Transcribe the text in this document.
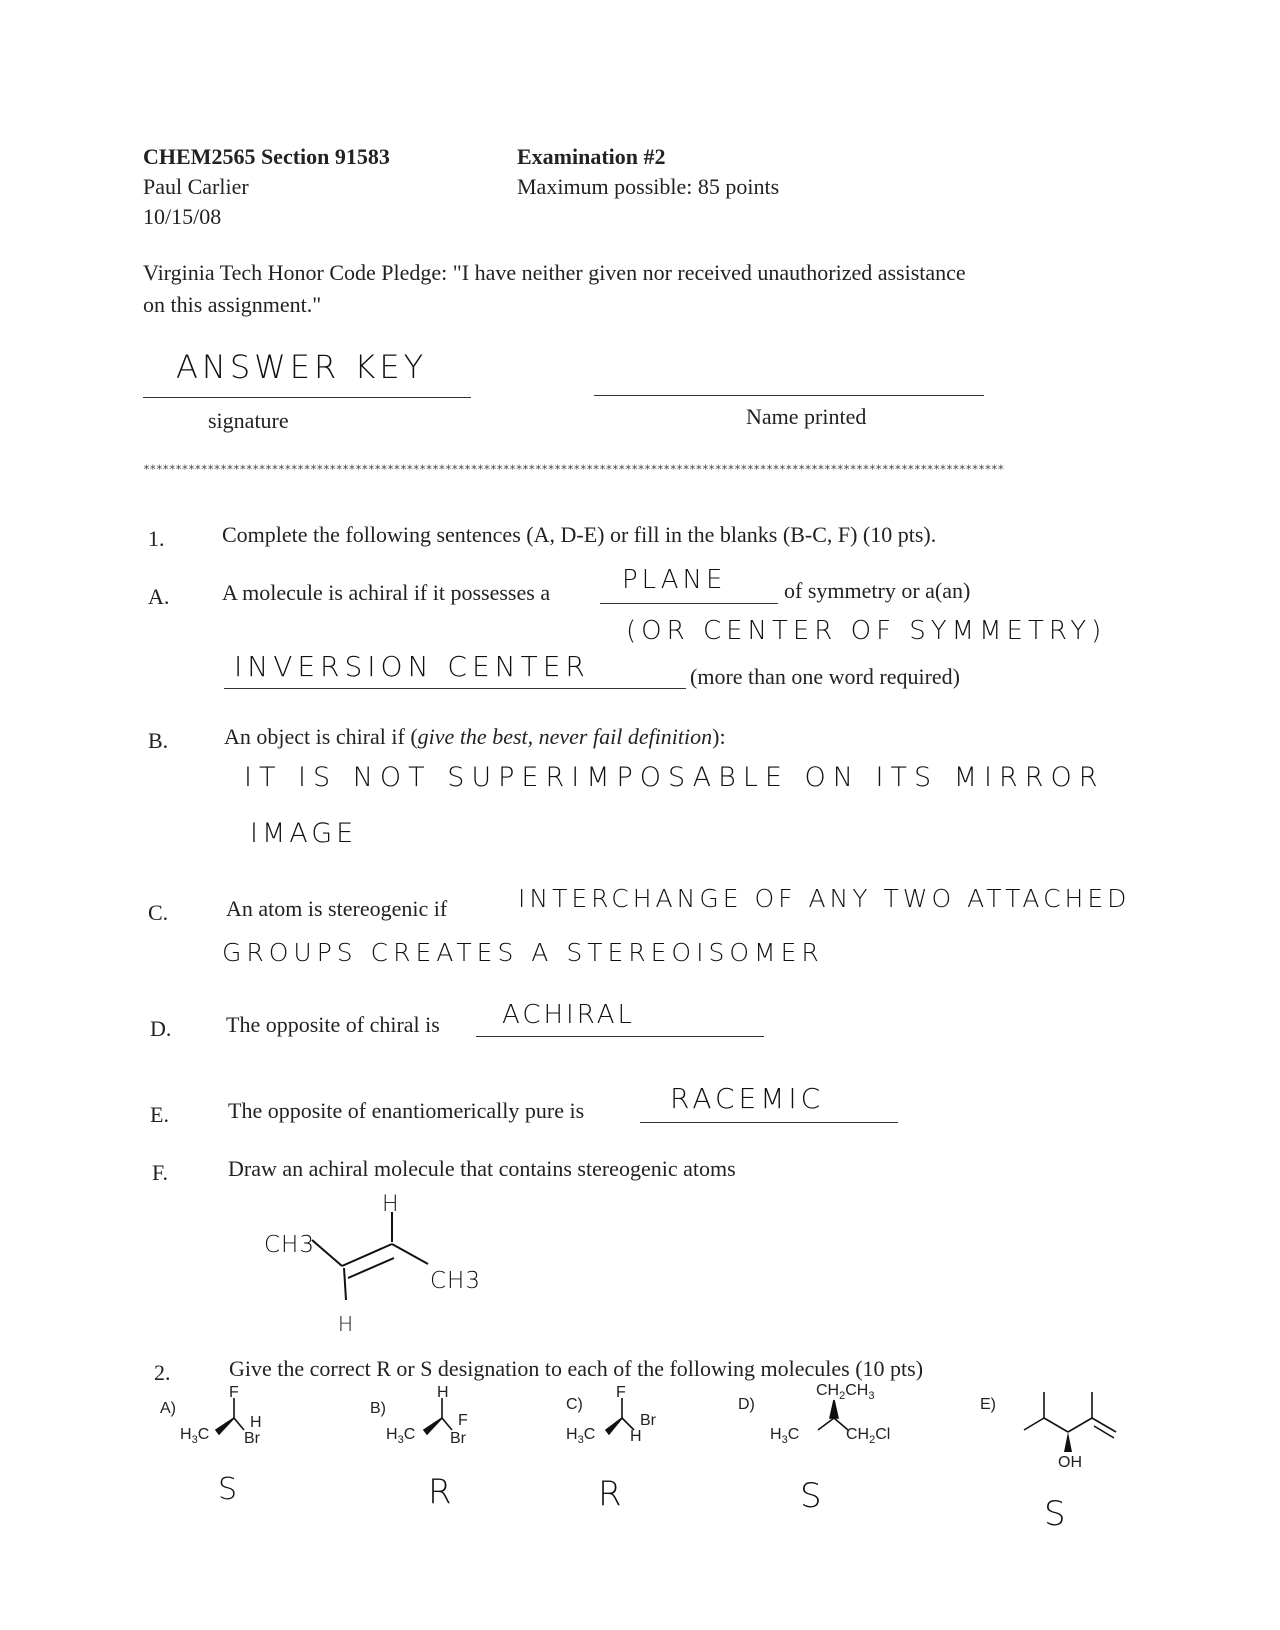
CHEM2565 Section 91583
Paul Carlier
10/15/08
Examination #2
Maximum possible: 85 points
Virginia Tech Honor Code Pledge: "I have neither given nor received unauthorized assistance
on this assignment."
ANSWER KEY
signature	Name printed
**************************************************************************************************************************************
1.	Complete the following sentences (A, D-E) or fill in the blanks (B-C, F) (10 pts).
A. A molecule is achiral if it possesses a	PLANE	of symmetry or a(an)
(OR CENTER OF SYMMETRY)
INVERSION CENTER	(more than one word required)
B.	An object is chiral if (give the best, never fail definition):
IT IS NOT SUPERIMPOSABLE ON ITS MIRROR
IMAGE
C.	An atom is stereogenic if	INTERCHANGE OF ANY TWO ATTACHED
GROUPS CREATES A STEREOISOMER
D. The opposite of chiral is ACHIRAL
E.	The opposite of enantiomerically pure is	RACEMIC
F.	Draw an achiral molecule that contains stereogenic atoms
H
H
CH3
CH3
2.	Give the correct R or S designation to each of the following molecules (10 pts)
A)
F
H
$H_3C$ Br
S
B)
H
F
$H_3C$ Br
R
C)
F
Br
$H_3C$ H
R
D)
$CH_2CH_3$
$H_3C$	$CH_2Cl$
S
E)
OH
S
